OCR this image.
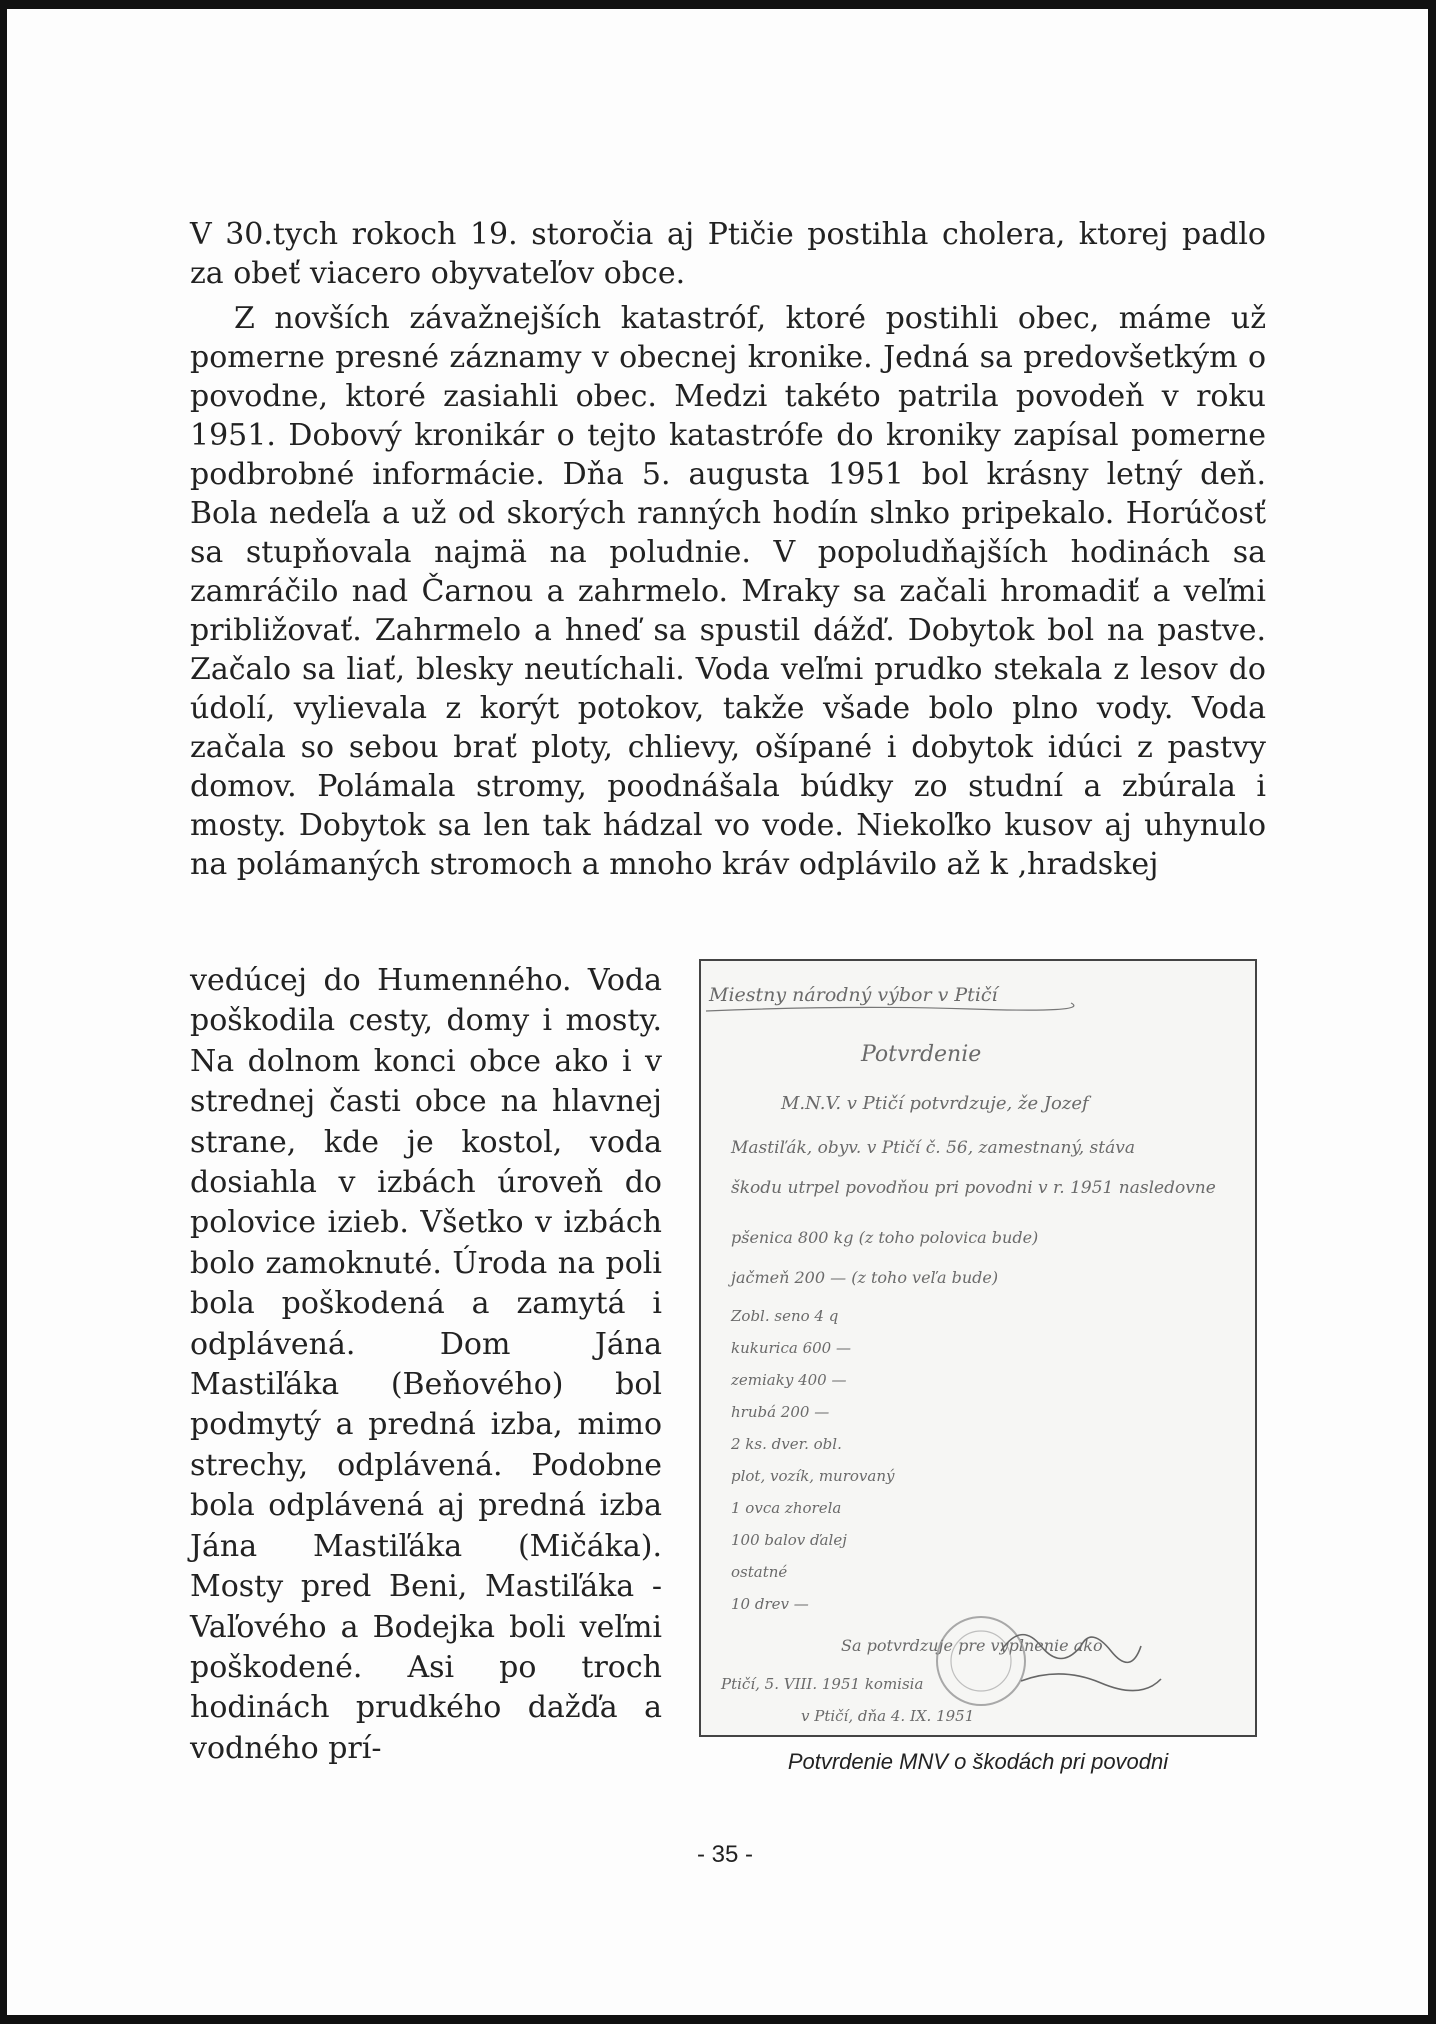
V 30.tych rokoch 19. storočia aj Ptičie postihla cholera, ktorej padlo za obeť viacero obyvateľov obce.

Z novších závažnejších katastróf, ktoré postihli obec, máme už pomerne presné záznamy v obecnej kronike. Jedná sa predovšetkým o povodne, ktoré zasiahli obec. Medzi takéto patrila povodeň v roku 1951. Dobový kronikár o tejto katastrófe do kroniky zapísal pomerne podbrobné informácie. Dňa 5. augusta 1951 bol krásny letný deň. Bola nedeľa a už od skorých ranných hodín slnko pripekalo. Horúčosť sa stupňovala najmä na poludnie. V popoludňajších hodinách sa zamráčilo nad Čarnou a zahrmelo. Mraky sa začali hromadiť a veľmi približovať. Zahrmelo a hneď sa spustil dážď. Dobytok bol na pastve. Začalo sa liať, blesky neutíchali. Voda veľmi prudko stekala z lesov do údolí, vylievala z korýt potokov, takže všade bolo plno vody. Voda začala so sebou brať ploty, chlievy, ošípané i dobytok idúci z pastvy domov. Polámala stromy, poodnášala búdky zo studní a zbúrala i mosty. Dobytok sa len tak hádzal vo vode. Niekoľko kusov aj uhynulo na polámaných stromoch a mnoho kráv odplávilo až k ‚hradskej

vedúcej do Humenného. Voda poškodila cesty, domy i mosty. Na dolnom konci obce ako i v strednej časti obce na hlavnej strane, kde je kostol, voda dosiahla v izbách úroveň do polovice izieb. Všetko v izbách bolo zamoknuté. Úroda na poli bola poškodená a zamytá i odplávená. Dom Jána Mastiľáka (Beňového) bol podmytý a predná izba, mimo strechy, odplávená. Podobne bola odplávená aj predná izba Jána Mastiľáka (Mičáka). Mosty pred Beni, Mastiľáka - Vaľového a Bodejka boli veľmi poškodené. Asi po troch hodinách prudkého dažďa a vodného prí-

Miestny národný výbor v Ptičí
Potvrdenie
M.N.V. v Ptičí potvrdzuje, že Jozef
Mastiľák, obyv. v Ptičí č. 56, zamestnaný, stáva
škodu utrpel povodňou pri povodni v r. 1951 nasledovne
pšenica 800 kg (z toho polovica bude)
jačmeň 200 — (z toho veľa bude)
Zobl. seno 4 q
kukurica 600 —
zemiaky 400 —
hrubá 200 —
2 ks. dver. obl.
plot, vozík, murovaný
1 ovca zhorela
100 balov ďalej
ostatné
10 drev —
Sa potvrdzuje pre vyplnenie ako
Ptičí, 5. VIII. 1951 komisia
v Ptičí, dňa 4. IX. 1951
Potvrdenie MNV o škodách pri povodni
- 35 -
